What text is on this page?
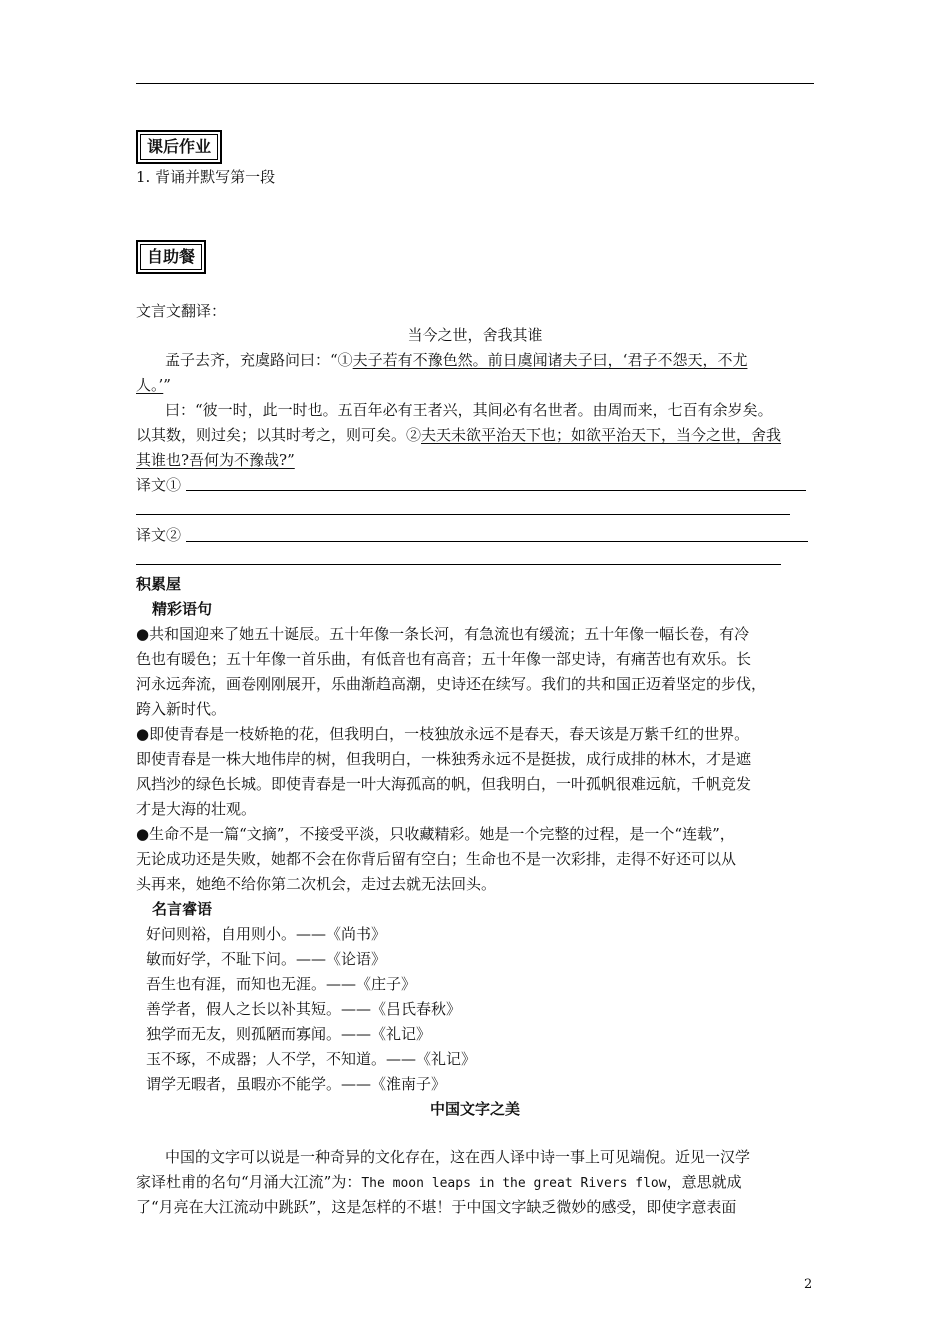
课后作业
1. 背诵并默写第一段
自助餐
文言文翻译：
当今之世，舍我其谁
孟子去齐，充虞路问曰：“①夫子若有不豫色然。前日虞闻诸夫子曰，‘君子不怨天，不尤
人。’”
曰：“彼一时，此一时也。五百年必有王者兴，其间必有名世者。由周而来，七百有余岁矣。
以其数，则过矣；以其时考之，则可矣。②夫天未欲平治天下也；如欲平治天下，当今之世，舍我
其谁也?吾何为不豫哉?”
译文①
译文②
积累屋
精彩语句
●共和国迎来了她五十诞辰。五十年像一条长河，有急流也有缓流；五十年像一幅长卷，有冷
色也有暖色；五十年像一首乐曲，有低音也有高音；五十年像一部史诗，有痛苦也有欢乐。长
河永远奔流，画卷刚刚展开，乐曲渐趋高潮，史诗还在续写。我们的共和国正迈着坚定的步伐，
跨入新时代。
●即使青春是一枝娇艳的花，但我明白，一枝独放永远不是春天，春天该是万紫千红的世界。
即使青春是一株大地伟岸的树，但我明白，一株独秀永远不是挺拔，成行成排的林木，才是遮
风挡沙的绿色长城。即使青春是一叶大海孤高的帆，但我明白，一叶孤帆很难远航，千帆竞发
才是大海的壮观。
●生命不是一篇“文摘”，不接受平淡，只收藏精彩。她是一个完整的过程，是一个“连载”，
无论成功还是失败，她都不会在你背后留有空白；生命也不是一次彩排，走得不好还可以从
头再来，她绝不给你第二次机会，走过去就无法回头。
名言睿语
好问则裕，自用则小。——《尚书》
敏而好学，不耻下问。——《论语》
吾生也有涯，而知也无涯。——《庄子》
善学者，假人之长以补其短。——《吕氏春秋》
独学而无友，则孤陋而寡闻。——《礼记》
玉不琢，不成器；人不学，不知道。——《礼记》
谓学无暇者，虽暇亦不能学。——《淮南子》
中国文字之美
中国的文字可以说是一种奇异的文化存在，这在西人译中诗一事上可见端倪。近见一汉学
家译杜甫的名句“月涌大江流”为：The moon leaps in the great Rivers flow，意思就成
了“月亮在大江流动中跳跃”，这是怎样的不堪！于中国文字缺乏微妙的感受，即使字意表面
2
